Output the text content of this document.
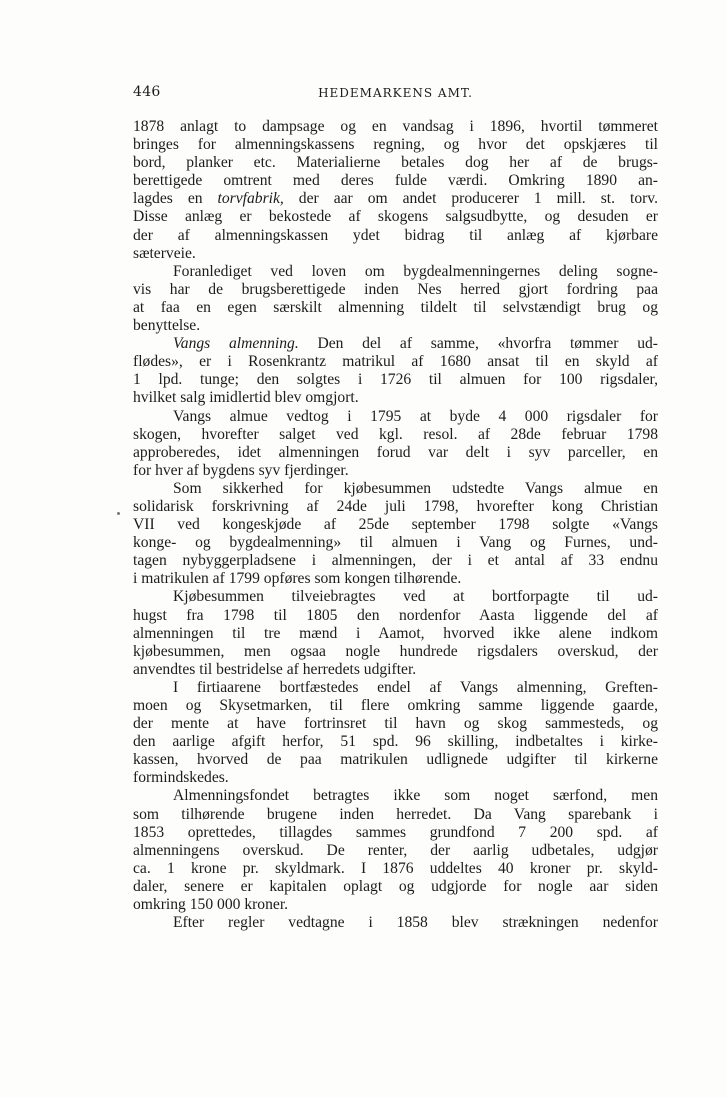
446	HEDEMARKENS AMT.
1878 anlagt to dampsage og en vandsag i 1896, hvortil tømmeret
bringes for almenningskassens regning, og hvor det opskjæres til
bord, planker etc. Materialierne betales dog her af de brugs-
berettigede omtrent med deres fulde værdi. Omkring 1890 an-
lagdes en torvfabrik, der aar om andet producerer 1 mill. st. torv.
Disse anlæg er bekostede af skogens salgsudbytte, og desuden er
der af almenningskassen ydet bidrag til anlæg af kjørbare
sæterveie.
Foranlediget ved loven om bygdealmenningernes deling sogne-
vis har de brugsberettigede inden Nes herred gjort fordring paa
at faa en egen særskilt almenning tildelt til selvstændigt brug og
benyttelse.
Vangs almenning. Den del af samme, «hvorfra tømmer ud-
flødes», er i Rosenkrantz matrikul af 1680 ansat til en skyld af
1 lpd. tunge; den solgtes i 1726 til almuen for 100 rigsdaler,
hvilket salg imidlertid blev omgjort.
Vangs almue vedtog i 1795 at byde 4 000 rigsdaler for
skogen, hvorefter salget ved kgl. resol. af 28de februar 1798
approberedes, idet almenningen forud var delt i syv parceller, en
for hver af bygdens syv fjerdinger.
Som sikkerhed for kjøbesummen udstedte Vangs almue en
solidarisk forskrivning af 24de juli 1798, hvorefter kong Christian
VII ved kongeskjøde af 25de september 1798 solgte «Vangs
konge- og bygdealmenning» til almuen i Vang og Furnes, und-
tagen nybyggerpladsene i almenningen, der i et antal af 33 endnu
i matrikulen af 1799 opføres som kongen tilhørende.
Kjøbesummen tilveiebragtes ved at bortforpagte til ud-
hugst fra 1798 til 1805 den nordenfor Aasta liggende del af
almenningen til tre mænd i Aamot, hvorved ikke alene indkom
kjøbesummen, men ogsaa nogle hundrede rigsdalers overskud, der
anvendtes til bestridelse af herredets udgifter.
I firtiaarene bortfæstedes endel af Vangs almenning, Greften-
moen og Skysetmarken, til flere omkring samme liggende gaarde,
der mente at have fortrinsret til havn og skog sammesteds, og
den aarlige afgift herfor, 51 spd. 96 skilling, indbetaltes i kirke-
kassen, hvorved de paa matrikulen udlignede udgifter til kirkerne
formindskedes.
Almenningsfondet betragtes ikke som noget særfond, men
som tilhørende brugene inden herredet. Da Vang sparebank i
1853 oprettedes, tillagdes sammes grundfond 7 200 spd. af
almenningens overskud. De renter, der aarlig udbetales, udgjør
ca. 1 krone pr. skyldmark. I 1876 uddeltes 40 kroner pr. skyld-
daler, senere er kapitalen oplagt og udgjorde for nogle aar siden
omkring 150 000 kroner.
Efter regler vedtagne i 1858 blev strækningen nedenfor
